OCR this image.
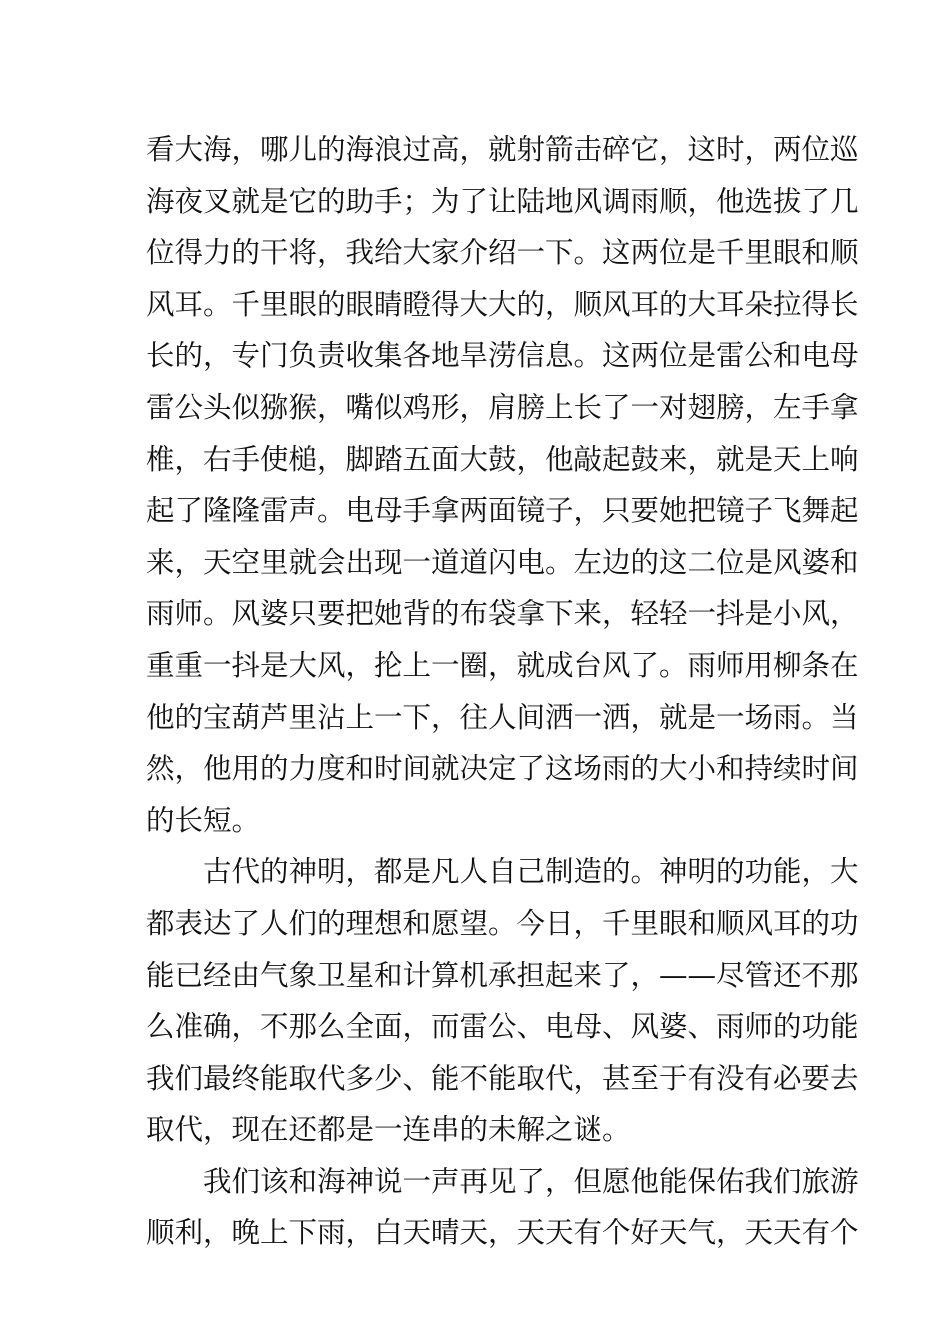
看大海，哪儿的海浪过高，就射箭击碎它，这时，两位巡
海夜叉就是它的助手；为了让陆地风调雨顺，他选拔了几
位得力的干将，我给大家介绍一下。这两位是千里眼和顺
风耳。千里眼的眼睛瞪得大大的，顺风耳的大耳朵拉得长
长的，专门负责收集各地旱涝信息。这两位是雷公和电母
雷公头似猕猴，嘴似鸡形，肩膀上长了一对翅膀，左手拿
椎，右手使槌，脚踏五面大鼓，他敲起鼓来，就是天上响
起了隆隆雷声。电母手拿两面镜子，只要她把镜子飞舞起
来，天空里就会出现一道道闪电。左边的这二位是风婆和
雨师。风婆只要把她背的布袋拿下来，轻轻一抖是小风，
重重一抖是大风，抡上一圈，就成台风了。雨师用柳条在
他的宝葫芦里沾上一下，往人间洒一洒，就是一场雨。当
然，他用的力度和时间就决定了这场雨的大小和持续时间
的长短。
古代的神明，都是凡人自己制造的。神明的功能，大
都表达了人们的理想和愿望。今日，千里眼和顺风耳的功
能已经由气象卫星和计算机承担起来了，——尽管还不那
么准确，不那么全面，而雷公、电母、风婆、雨师的功能
我们最终能取代多少、能不能取代，甚至于有没有必要去
取代，现在还都是一连串的未解之谜。
我们该和海神说一声再见了，但愿他能保佑我们旅游
顺利，晚上下雨，白天晴天，天天有个好天气，天天有个
